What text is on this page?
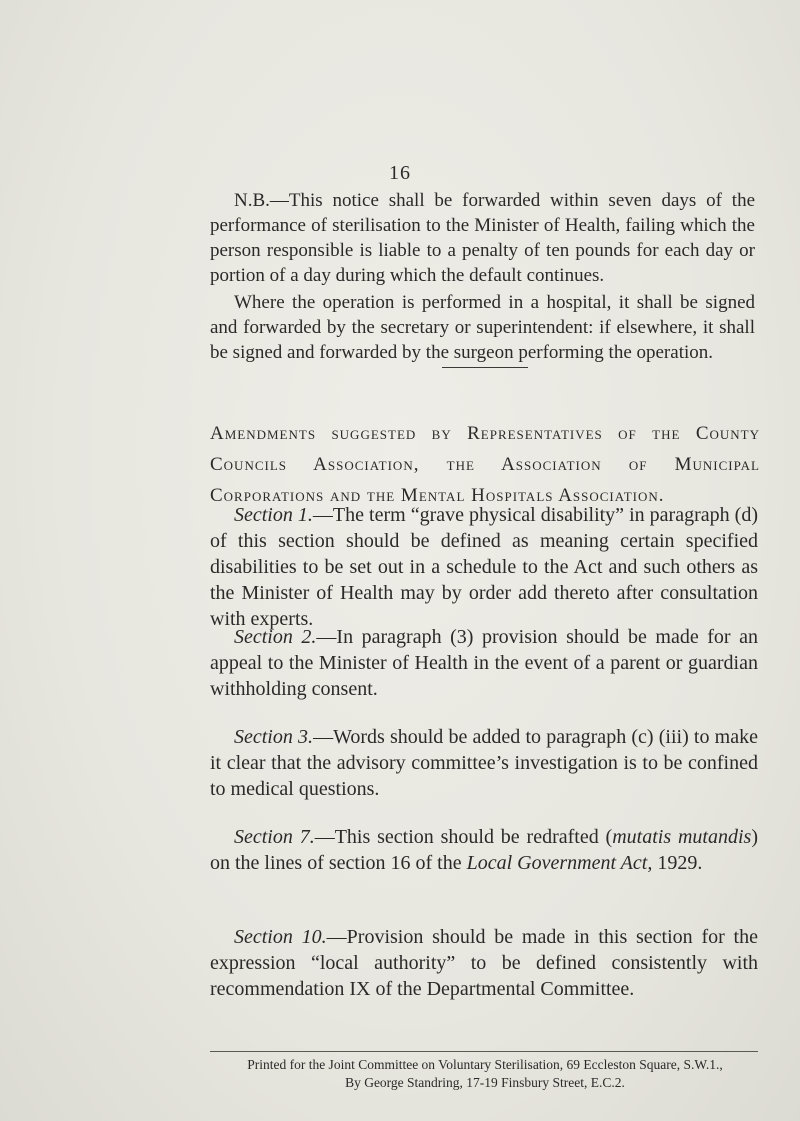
16

N.B.—This notice shall be forwarded within seven days of the performance of sterilisation to the Minister of Health, failing which the person responsible is liable to a penalty of ten pounds for each day or portion of a day during which the default continues.

Where the operation is performed in a hospital, it shall be signed and forwarded by the secretary or superintendent: if elsewhere, it shall be signed and forwarded by the surgeon performing the operation.

Amendments suggested by Representatives of the County Councils Association, the Association of Municipal Corporations and the Mental Hospitals Association.

Section 1.—The term “grave physical disability” in paragraph (d) of this section should be defined as meaning certain specified disabilities to be set out in a schedule to the Act and such others as the Minister of Health may by order add thereto after consultation with experts.

Section 2.—In paragraph (3) provision should be made for an appeal to the Minister of Health in the event of a parent or guardian withholding consent.

Section 3.—Words should be added to paragraph (c) (iii) to make it clear that the advisory committee’s investigation is to be confined to medical questions.

Section 7.—This section should be redrafted (mutatis mutandis) on the lines of section 16 of the Local Government Act, 1929.

Section 10.—Provision should be made in this section for the expression “local authority” to be defined consistently with recommendation IX of the Departmental Committee.

Printed for the Joint Committee on Voluntary Sterilisation, 69 Eccleston Square, S.W.1.,
By George Standring, 17-19 Finsbury Street, E.C.2.
